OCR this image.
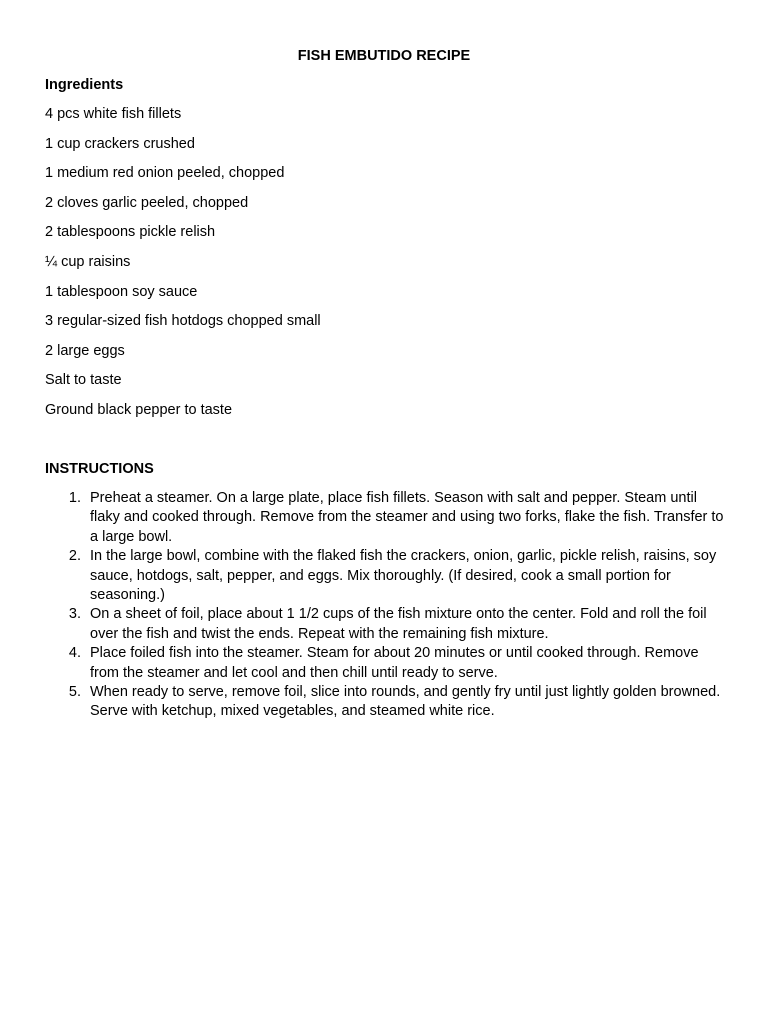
FISH EMBUTIDO RECIPE
Ingredients
4 pcs white fish fillets
1 cup crackers crushed
1 medium red onion peeled, chopped
2 cloves garlic peeled, chopped
2 tablespoons pickle relish
¼ cup raisins
1 tablespoon soy sauce
3 regular-sized fish hotdogs chopped small
2 large eggs
Salt to taste
Ground black pepper to taste
INSTRUCTIONS
1. Preheat a steamer. On a large plate, place fish fillets. Season with salt and pepper. Steam until flaky and cooked through. Remove from the steamer and using two forks, flake the fish. Transfer to a large bowl.
2. In the large bowl, combine with the flaked fish the crackers, onion, garlic, pickle relish, raisins, soy sauce, hotdogs, salt, pepper, and eggs. Mix thoroughly. (If desired, cook a small portion for seasoning.)
3. On a sheet of foil, place about 1 1/2 cups of the fish mixture onto the center. Fold and roll the foil over the fish and twist the ends. Repeat with the remaining fish mixture.
4. Place foiled fish into the steamer. Steam for about 20 minutes or until cooked through. Remove from the steamer and let cool and then chill until ready to serve.
5. When ready to serve, remove foil, slice into rounds, and gently fry until just lightly golden browned. Serve with ketchup, mixed vegetables, and steamed white rice.
